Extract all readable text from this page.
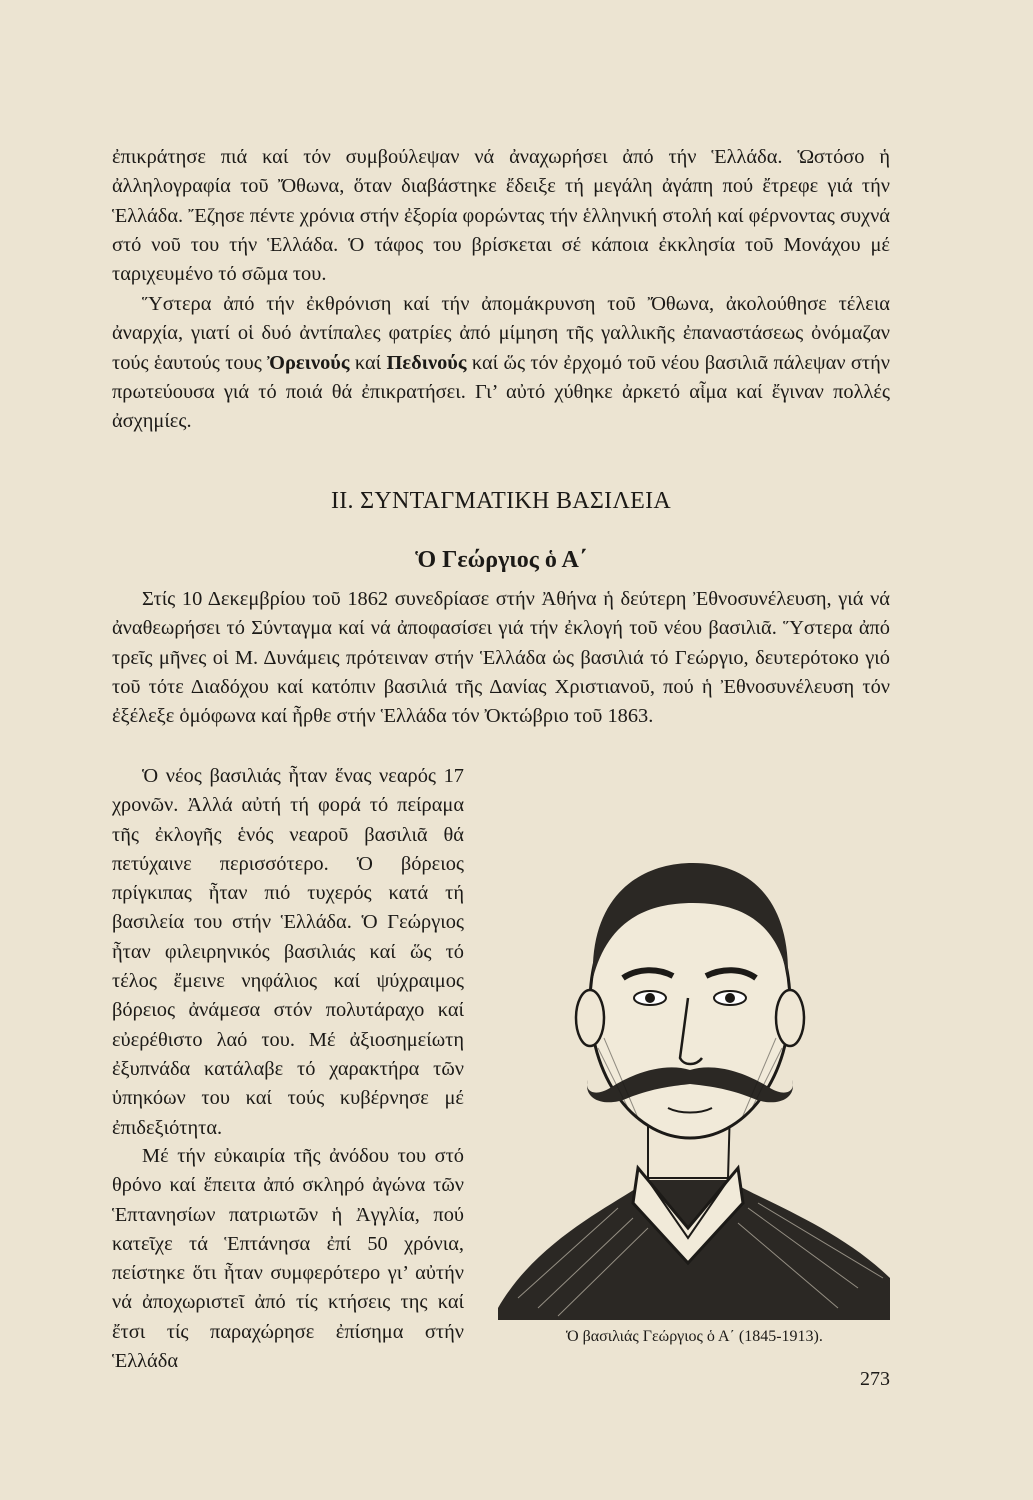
ἐπικράτησε πιά καί τόν συμβούλεψαν νά ἀναχωρήσει ἀπό τήν Ἑλλάδα. Ὡστόσο ἡ ἀλληλογραφία τοῦ Ὄθωνα, ὅταν διαβάστηκε ἔδειξε τή μεγάλη ἀγάπη πού ἔτρεφε γιά τήν Ἑλλάδα. Ἔζησε πέντε χρόνια στήν ἐξορία φορώντας τήν ἑλληνική στολή καί φέρνοντας συχνά στό νοῦ του τήν Ἑλλάδα. Ὁ τάφος του βρίσκεται σέ κάποια ἐκκλησία τοῦ Μονάχου μέ ταριχευμένο τό σῶμα του.

Ὕστερα ἀπό τήν ἐκθρόνιση καί τήν ἀπομάκρυνση τοῦ Ὄθωνα, ἀκολούθησε τέλεια ἀναρχία, γιατί οἱ δυό ἀντίπαλες φατρίες ἀπό μίμηση τῆς γαλλικῆς ἐπαναστάσεως ὀνόμαζαν τούς ἑαυτούς τους Ὀρεινούς καί Πεδινούς καί ὥς τόν ἐρχομό τοῦ νέου βασιλιᾶ πάλεψαν στήν πρωτεύουσα γιά τό ποιά θά ἐπικρατήσει. Γι’ αὐτό χύθηκε ἀρκετό αἷμα καί ἔγιναν πολλές ἀσχημίες.

II. ΣΥΝΤΑΓΜΑΤΙΚΗ ΒΑΣΙΛΕΙΑ
Ὁ Γεώργιος ὁ Α΄

Στίς 10 Δεκεμβρίου τοῦ 1862 συνεδρίασε στήν Ἀθήνα ἡ δεύτερη Ἐθνοσυνέλευση, γιά νά ἀναθεωρήσει τό Σύνταγμα καί νά ἀποφασίσει γιά τήν ἐκλογή τοῦ νέου βασιλιᾶ. Ὕστερα ἀπό τρεῖς μῆνες οἱ Μ. Δυνάμεις πρότειναν στήν Ἑλλάδα ὡς βασιλιά τό Γεώργιο, δευτερότοκο γιό τοῦ τότε Διαδόχου καί κατόπιν βασιλιά τῆς Δανίας Χριστιανοῦ, πού ἡ Ἐθνοσυνέλευση τόν ἐξέλεξε ὁμόφωνα καί ἦρθε στήν Ἑλλάδα τόν Ὀκτώβριο τοῦ 1863.

Ὁ νέος βασιλιάς ἦταν ἕνας νεαρός 17 χρονῶν. Ἀλλά αὐτή τή φορά τό πείραμα τῆς ἐκλογῆς ἑνός νεαροῦ βασιλιᾶ θά πετύχαινε περισσότερο. Ὁ βόρειος πρίγκιπας ἦταν πιό τυχερός κατά τή βασιλεία του στήν Ἑλλάδα. Ὁ Γεώργιος ἦταν φιλειρηνικός βασιλιάς καί ὥς τό τέλος ἔμεινε νηφάλιος καί ψύχραιμος βόρειος ἀνάμεσα στόν πολυτάραχο καί εὐερέθιστο λαό του. Μέ ἀξιοσημείωτη ἐξυπνάδα κατάλαβε τό χαρακτήρα τῶν ὑπηκόων του καί τούς κυβέρνησε μέ ἐπιδεξιότητα.

Μέ τήν εὐκαιρία τῆς ἀνόδου του στό θρόνο καί ἔπειτα ἀπό σκληρό ἀγώνα τῶν Ἑπτανησίων πατριωτῶν ἡ Ἀγγλία, πού κατεῖχε τά Ἑπτάνησα ἐπί 50 χρόνια, πείστηκε ὅτι ἦταν συμφερότερο γι’ αὐτήν νά ἀποχωριστεῖ ἀπό τίς κτήσεις της καί ἔτσι τίς παραχώρησε ἐπίσημα στήν Ἑλλάδα

Ὁ βασιλιάς Γεώργιος ὁ Α΄ (1845-1913).

273
